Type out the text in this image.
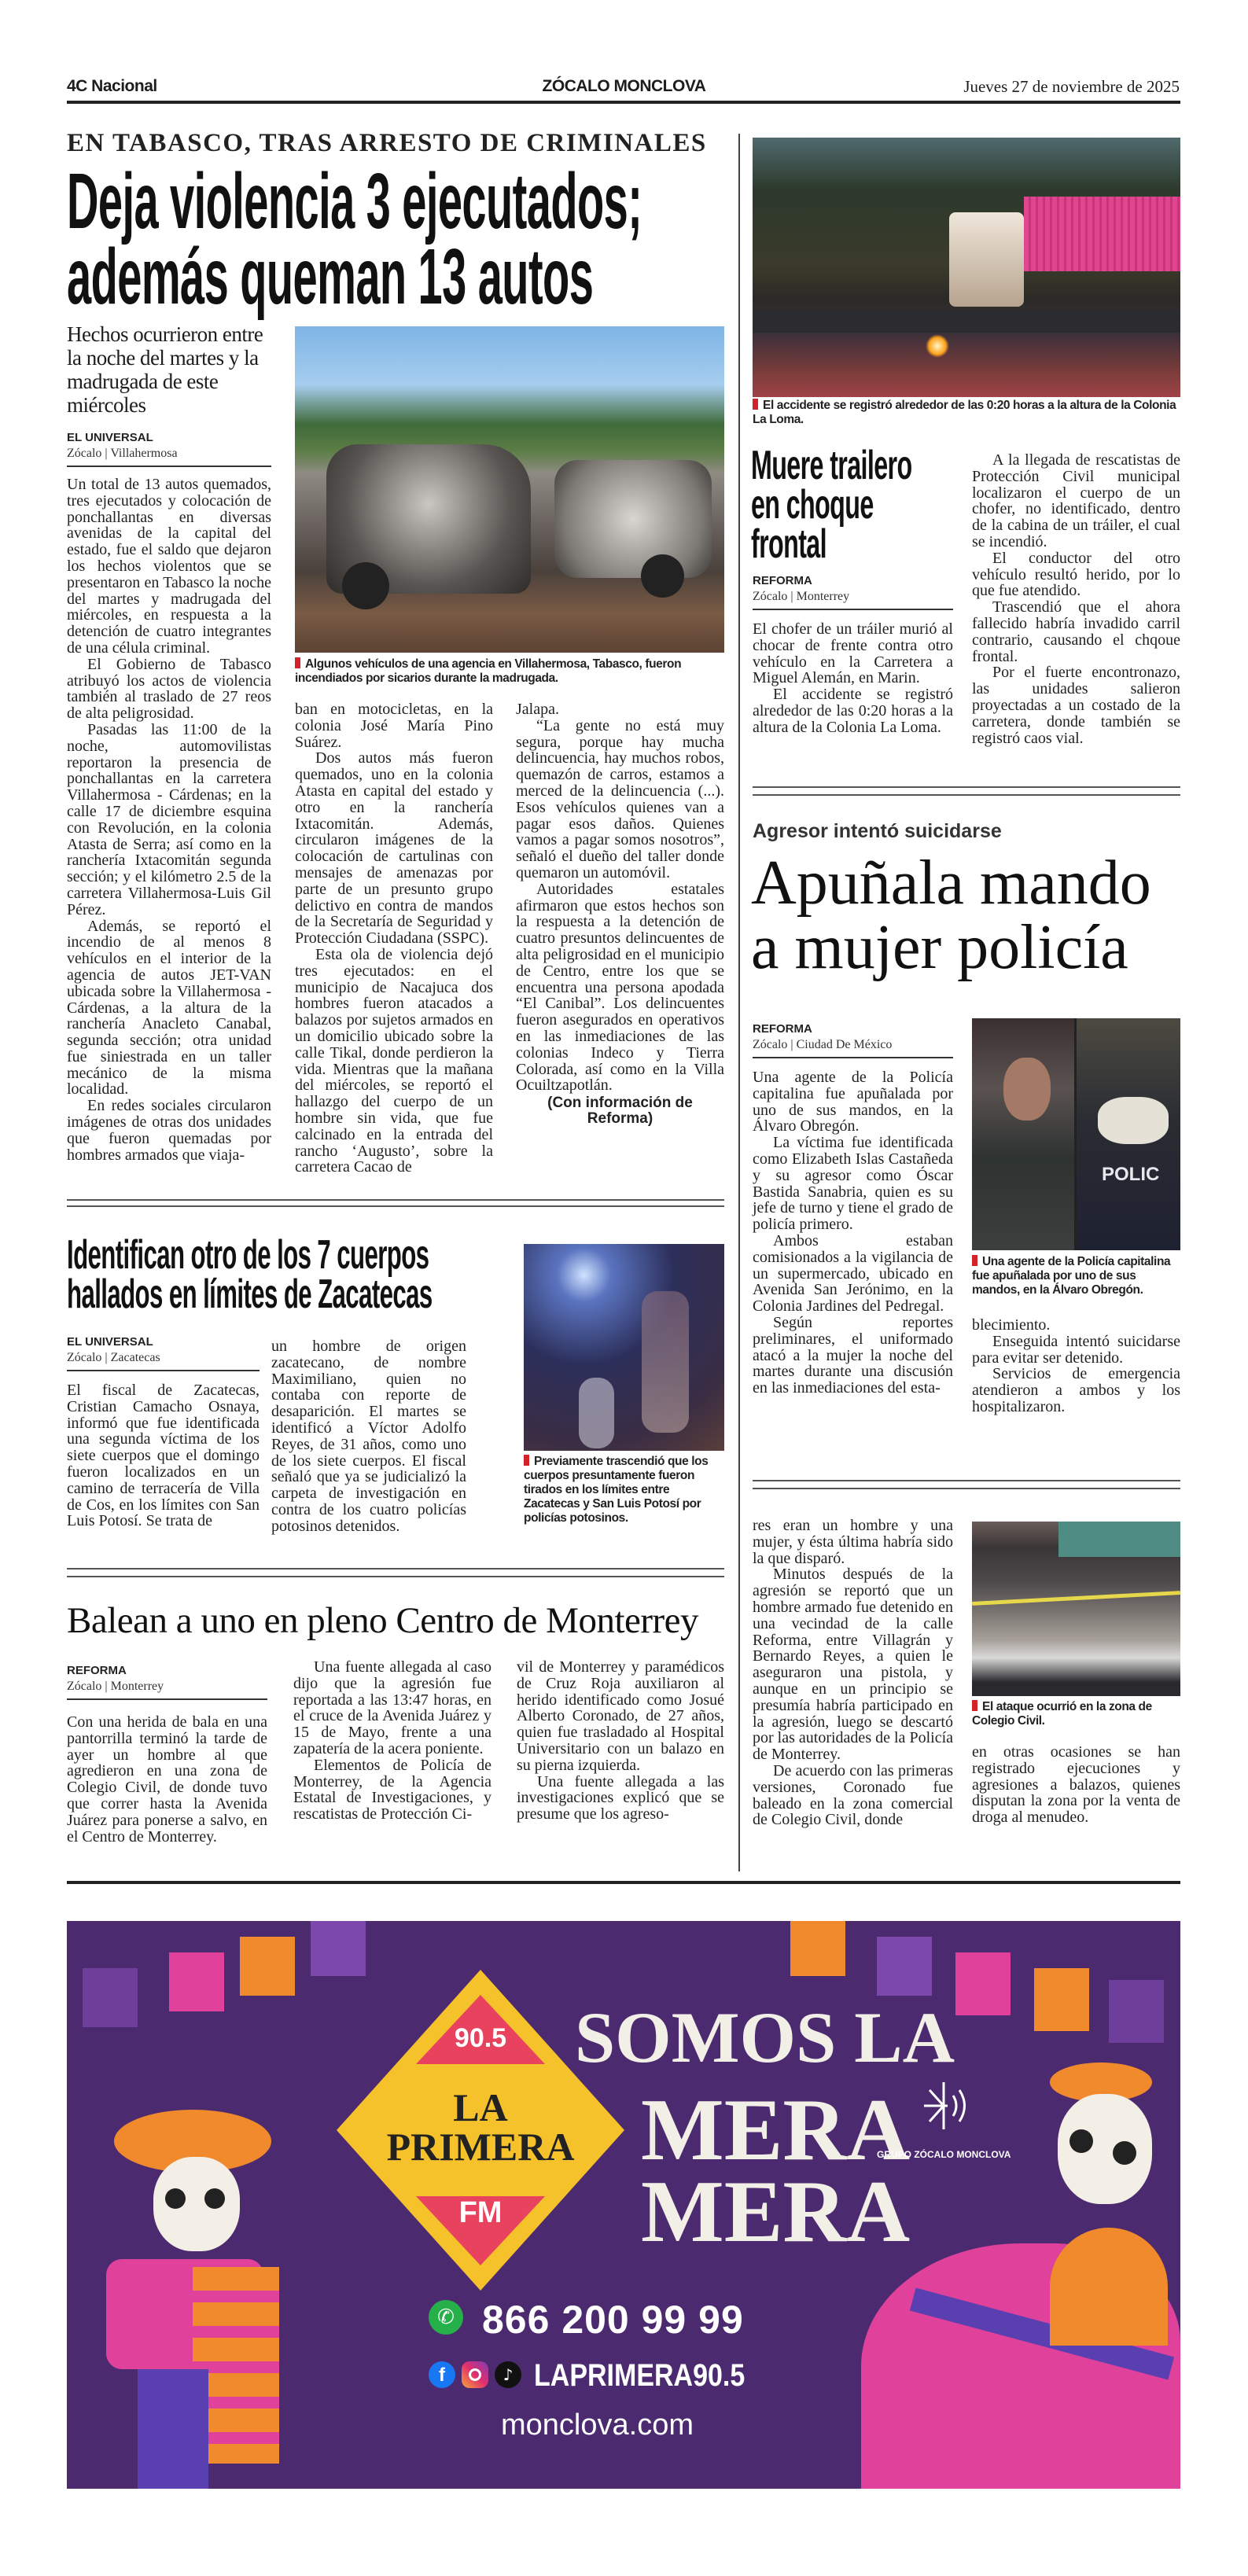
4C Nacional	ZÓCALO MONCLOVA	Jueves 27 de noviembre de 2025
EN TABASCO, TRAS ARRESTO DE CRIMINALES
Deja violencia 3 ejecutados;
además queman 13 autos
Hechos ocurrieron entre la noche del martes y la madrugada de este miércoles
EL UNIVERSAL
Zócalo | Villahermosa
Algunos vehículos de una agencia en Villahermosa, Tabasco, fueron incendiados por sicarios durante la madrugada.

Un total de 13 autos quemados, tres ejecutados y colocación de ponchallantas en diversas avenidas de la capital del estado, fue el saldo que dejaron los hechos violentos que se presentaron en Tabasco la noche del martes y madrugada del miércoles, en respuesta a la detención de cuatro integrantes de una célula criminal.

El Gobierno de Tabasco atribuyó los actos de violencia también al traslado de 27 reos de alta peligrosidad.

Pasadas las 11:00 de la noche, automovilistas reportaron la presencia de ponchallantas en la carretera Villahermosa - Cárdenas; en la calle 17 de diciembre esquina con Revolución, en la colonia Atasta de Serra; así como en la ranchería Ixtacomitán segunda sección; y el kilómetro 2.5 de la carretera Villahermosa-Luis Gil Pérez.

Además, se reportó el incendio de al menos 8 vehículos en el interior de la agencia de autos JET-VAN ubicada sobre la Villahermosa -Cárdenas, a la altura de la ranchería Anacleto Canabal, segunda sección; otra unidad fue siniestrada en un taller mecánico de la misma localidad.

En redes sociales circularon imágenes de otras dos unidades que fueron quemadas por hombres armados que viaja-

ban en motocicletas, en la colonia José María Pino Suárez.

Dos autos más fueron quemados, uno en la colonia Atasta en capital del estado y otro en la ranchería Ixtacomitán. Además, circularon imágenes de la colocación de cartulinas con mensajes de amenazas por parte de un presunto grupo delictivo en contra de mandos de la Secretaría de Seguridad y Protección Ciudadana (SSPC).

Esta ola de violencia dejó tres ejecutados: en el municipio de Nacajuca dos hombres fueron atacados a balazos por sujetos armados en un domicilio ubicado sobre la calle Tikal, donde perdieron la vida. Mientras que la mañana del miércoles, se reportó el hallazgo del cuerpo de un hombre sin vida, que fue calcinado en la entrada del rancho ‘Augusto’, sobre la carretera Cacao de

Jalapa.

“La gente no está muy segura, porque hay mucha delincuencia, hay muchos robos, quemazón de carros, estamos a merced de la delincuencia (...). Esos vehículos quienes van a pagar esos daños. Quienes vamos a pagar somos nosotros”, señaló el dueño del taller donde quemaron un automóvil.

Autoridades estatales afirmaron que estos hechos son la respuesta a la detención de cuatro presuntos delincuentes de alta peligrosidad en el municipio de Centro, entre los que se encuentra una persona apodada “El Canibal”. Los delincuentes fueron asegurados en operativos en las inmediaciones de las colonias Indeco y Tierra Colorada, así como en la Villa Ocuiltzapotlán.

(Con información de Reforma)
El accidente se registró alrededor de las 0:20 horas a la altura de la Colonia La Loma.
Muere trailero
en choque
frontal
REFORMA
Zócalo | Monterrey

El chofer de un tráiler murió al chocar de frente contra otro vehículo en la Carretera a Miguel Alemán, en Marin.

El accidente se registró alrededor de las 0:20 horas a la altura de la Colonia La Loma.

A la llegada de rescatistas de Protección Civil municipal localizaron el cuerpo de un chofer, no identificado, dentro de la cabina de un tráiler, el cual se incendió.

El conductor del otro vehículo resultó herido, por lo que fue atendido.

Trascendió que el ahora fallecido habría invadido carril contrario, causando el chqoue frontal.

Por el fuerte encontronazo, las unidades salieron proyectadas a un costado de la carretera, donde también se registró caos vial.

Agresor intentó suicidarse
Apuñala mando
a mujer policía
REFORMA
Zócalo | Ciudad De México

Una agente de la Policía capitalina fue apuñalada por uno de sus mandos, en la Álvaro Obregón.

La víctima fue identificada como Elizabeth Islas Castañeda y su agresor como Óscar Bastida Sanabria, quien es su jefe de turno y tiene el grado de policía primero.

Ambos estaban comisionados a la vigilancia de un supermercado, ubicado en Avenida San Jerónimo, en la Colonia Jardines del Pedregal.

Según reportes preliminares, el uniformado atacó a la mujer la noche del martes durante una discusión en las inmediaciones del esta-

POLIC
Una agente de la Policía capitalina fue apuñalada por uno de sus mandos, en la Álvaro Obregón.

blecimiento.

Enseguida intentó suicidarse para evitar ser detenido.

Servicios de emergencia atendieron a ambos y los hospitalizaron.

Identifican otro de los 7 cuerpos
hallados en límites de Zacatecas
EL UNIVERSAL
Zócalo | Zacatecas

El fiscal de Zacatecas, Cristian Camacho Osnaya, informó que fue identificada una segunda víctima de los siete cuerpos que el domingo fueron localizados en un camino de terracería de Villa de Cos, en los límites con San Luis Potosí. Se trata de

un hombre de origen zacatecano, de nombre Maximiliano, quien no contaba con reporte de desaparición. El martes se identificó a Víctor Adolfo Reyes, de 31 años, como uno de los siete cuerpos. El fiscal señaló que ya se judicializó la carpeta de investigación en contra de los cuatro policías potosinos detenidos.

Previamente trascendió que los cuerpos presuntamente fueron tirados en los límites entre Zacatecas y San Luis Potosí por policías potosinos.
Balean a uno en pleno Centro de Monterrey
REFORMA
Zócalo | Monterrey

Con una herida de bala en una pantorrilla terminó la tarde de ayer un hombre al que agredieron en una zona de Colegio Civil, de donde tuvo que correr hasta la Avenida Juárez para ponerse a salvo, en el Centro de Monterrey.

Una fuente allegada al caso dijo que la agresión fue reportada a las 13:47 horas, en el cruce de la Avenida Juárez y 15 de Mayo, frente a una zapatería de la acera poniente.

Elementos de Policía de Monterrey, de la Agencia Estatal de Investigaciones, y rescatistas de Protección Ci-

vil de Monterrey y paramédicos de Cruz Roja auxiliaron al herido identificado como Josué Alberto Coronado, de 27 años, quien fue trasladado al Hospital Universitario con un balazo en su pierna izquierda.

Una fuente allegada a las investigaciones explicó que se presume que los agreso-

res eran un hombre y una mujer, y ésta última habría sido la que disparó.

Minutos después de la agresión se reportó que un hombre armado fue detenido en una vecindad de la calle Reforma, entre Villagrán y Bernardo Reyes, a quien le aseguraron una pistola, y aunque en un principio se presumía habría participado en la agresión, luego se descartó por las autoridades de la Policía de Monterrey.

De acuerdo con las primeras versiones, Coronado fue baleado en la zona comercial de Colegio Civil, donde

El ataque ocurrió en la zona de Colegio Civil.

en otras ocasiones se han registrado ejecuciones y agresiones a balazos, quienes disputan la zona por la venta de droga al menudeo.

90.5
LA
PRIMERA
FM
SOMOS LA
MERA
MERA
GRUPO ZÓCALO MONCLOVA
✆ 866 200 99 99
f	♪ LAPRIMERA90.5
monclova.com
